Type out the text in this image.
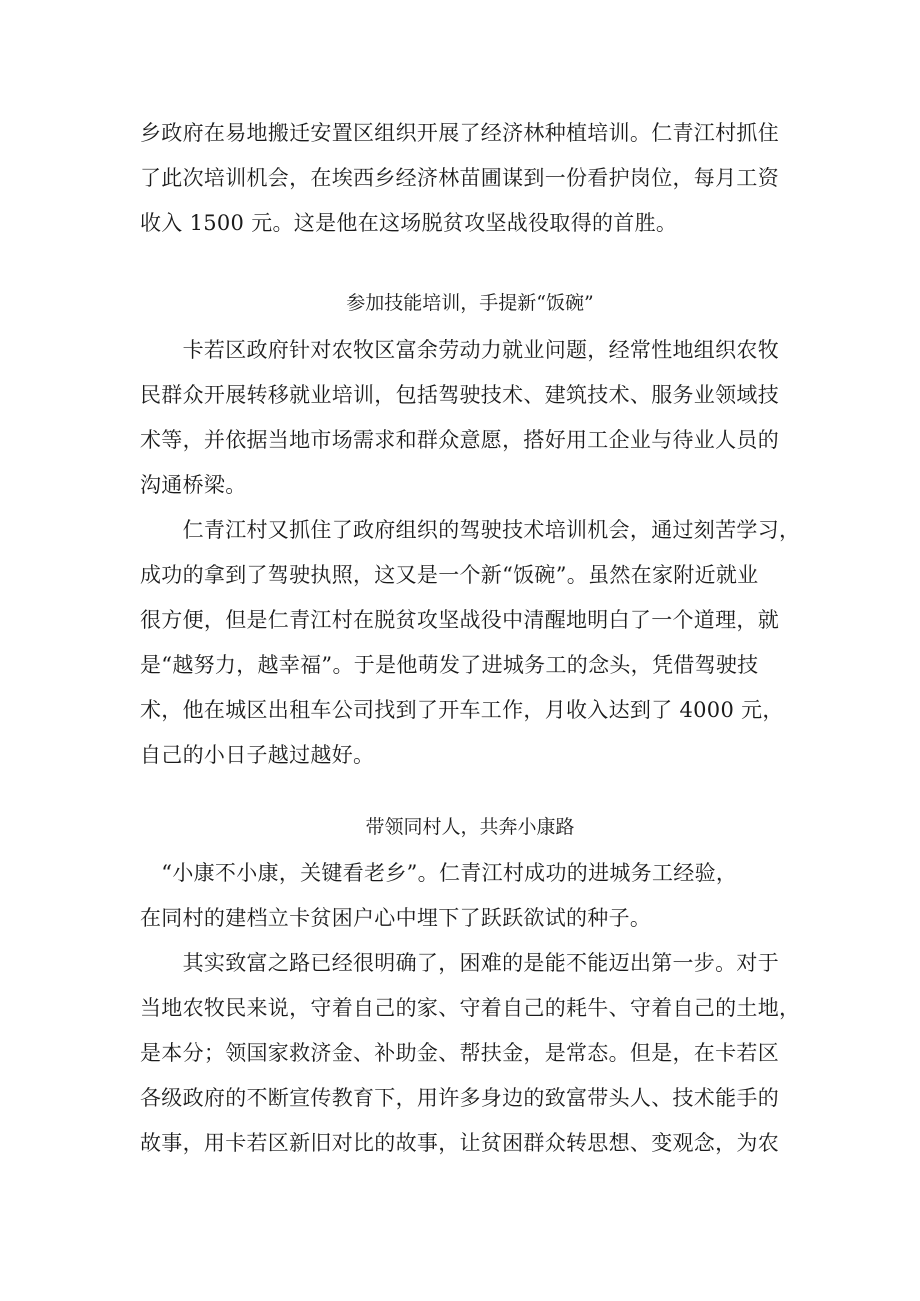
乡政府在易地搬迁安置区组织开展了经济林种植培训。仁青江村抓住
了此次培训机会，在埃西乡经济林苗圃谋到一份看护岗位，每月工资
收入 1500 元。这是他在这场脱贫攻坚战役取得的首胜。
参加技能培训，手提新“饭碗”
　　卡若区政府针对农牧区富余劳动力就业问题，经常性地组织农牧
民群众开展转移就业培训，包括驾驶技术、建筑技术、服务业领域技
术等，并依据当地市场需求和群众意愿，搭好用工企业与待业人员的
沟通桥梁。
　　仁青江村又抓住了政府组织的驾驶技术培训机会，通过刻苦学习，
成功的拿到了驾驶执照，这又是一个新“饭碗”。虽然在家附近就业
很方便，但是仁青江村在脱贫攻坚战役中清醒地明白了一个道理，就
是“越努力，越幸福”。于是他萌发了进城务工的念头，凭借驾驶技
术，他在城区出租车公司找到了开车工作，月收入达到了 4000 元，
自己的小日子越过越好。
带领同村人，共奔小康路
　“小康不小康，关键看老乡”。仁青江村成功的进城务工经验，
在同村的建档立卡贫困户心中埋下了跃跃欲试的种子。
　　其实致富之路已经很明确了，困难的是能不能迈出第一步。对于
当地农牧民来说，守着自己的家、守着自己的耗牛、守着自己的土地，
是本分；领国家救济金、补助金、帮扶金，是常态。但是，在卡若区
各级政府的不断宣传教育下，用许多身边的致富带头人、技术能手的
故事，用卡若区新旧对比的故事，让贫困群众转思想、变观念，为农
